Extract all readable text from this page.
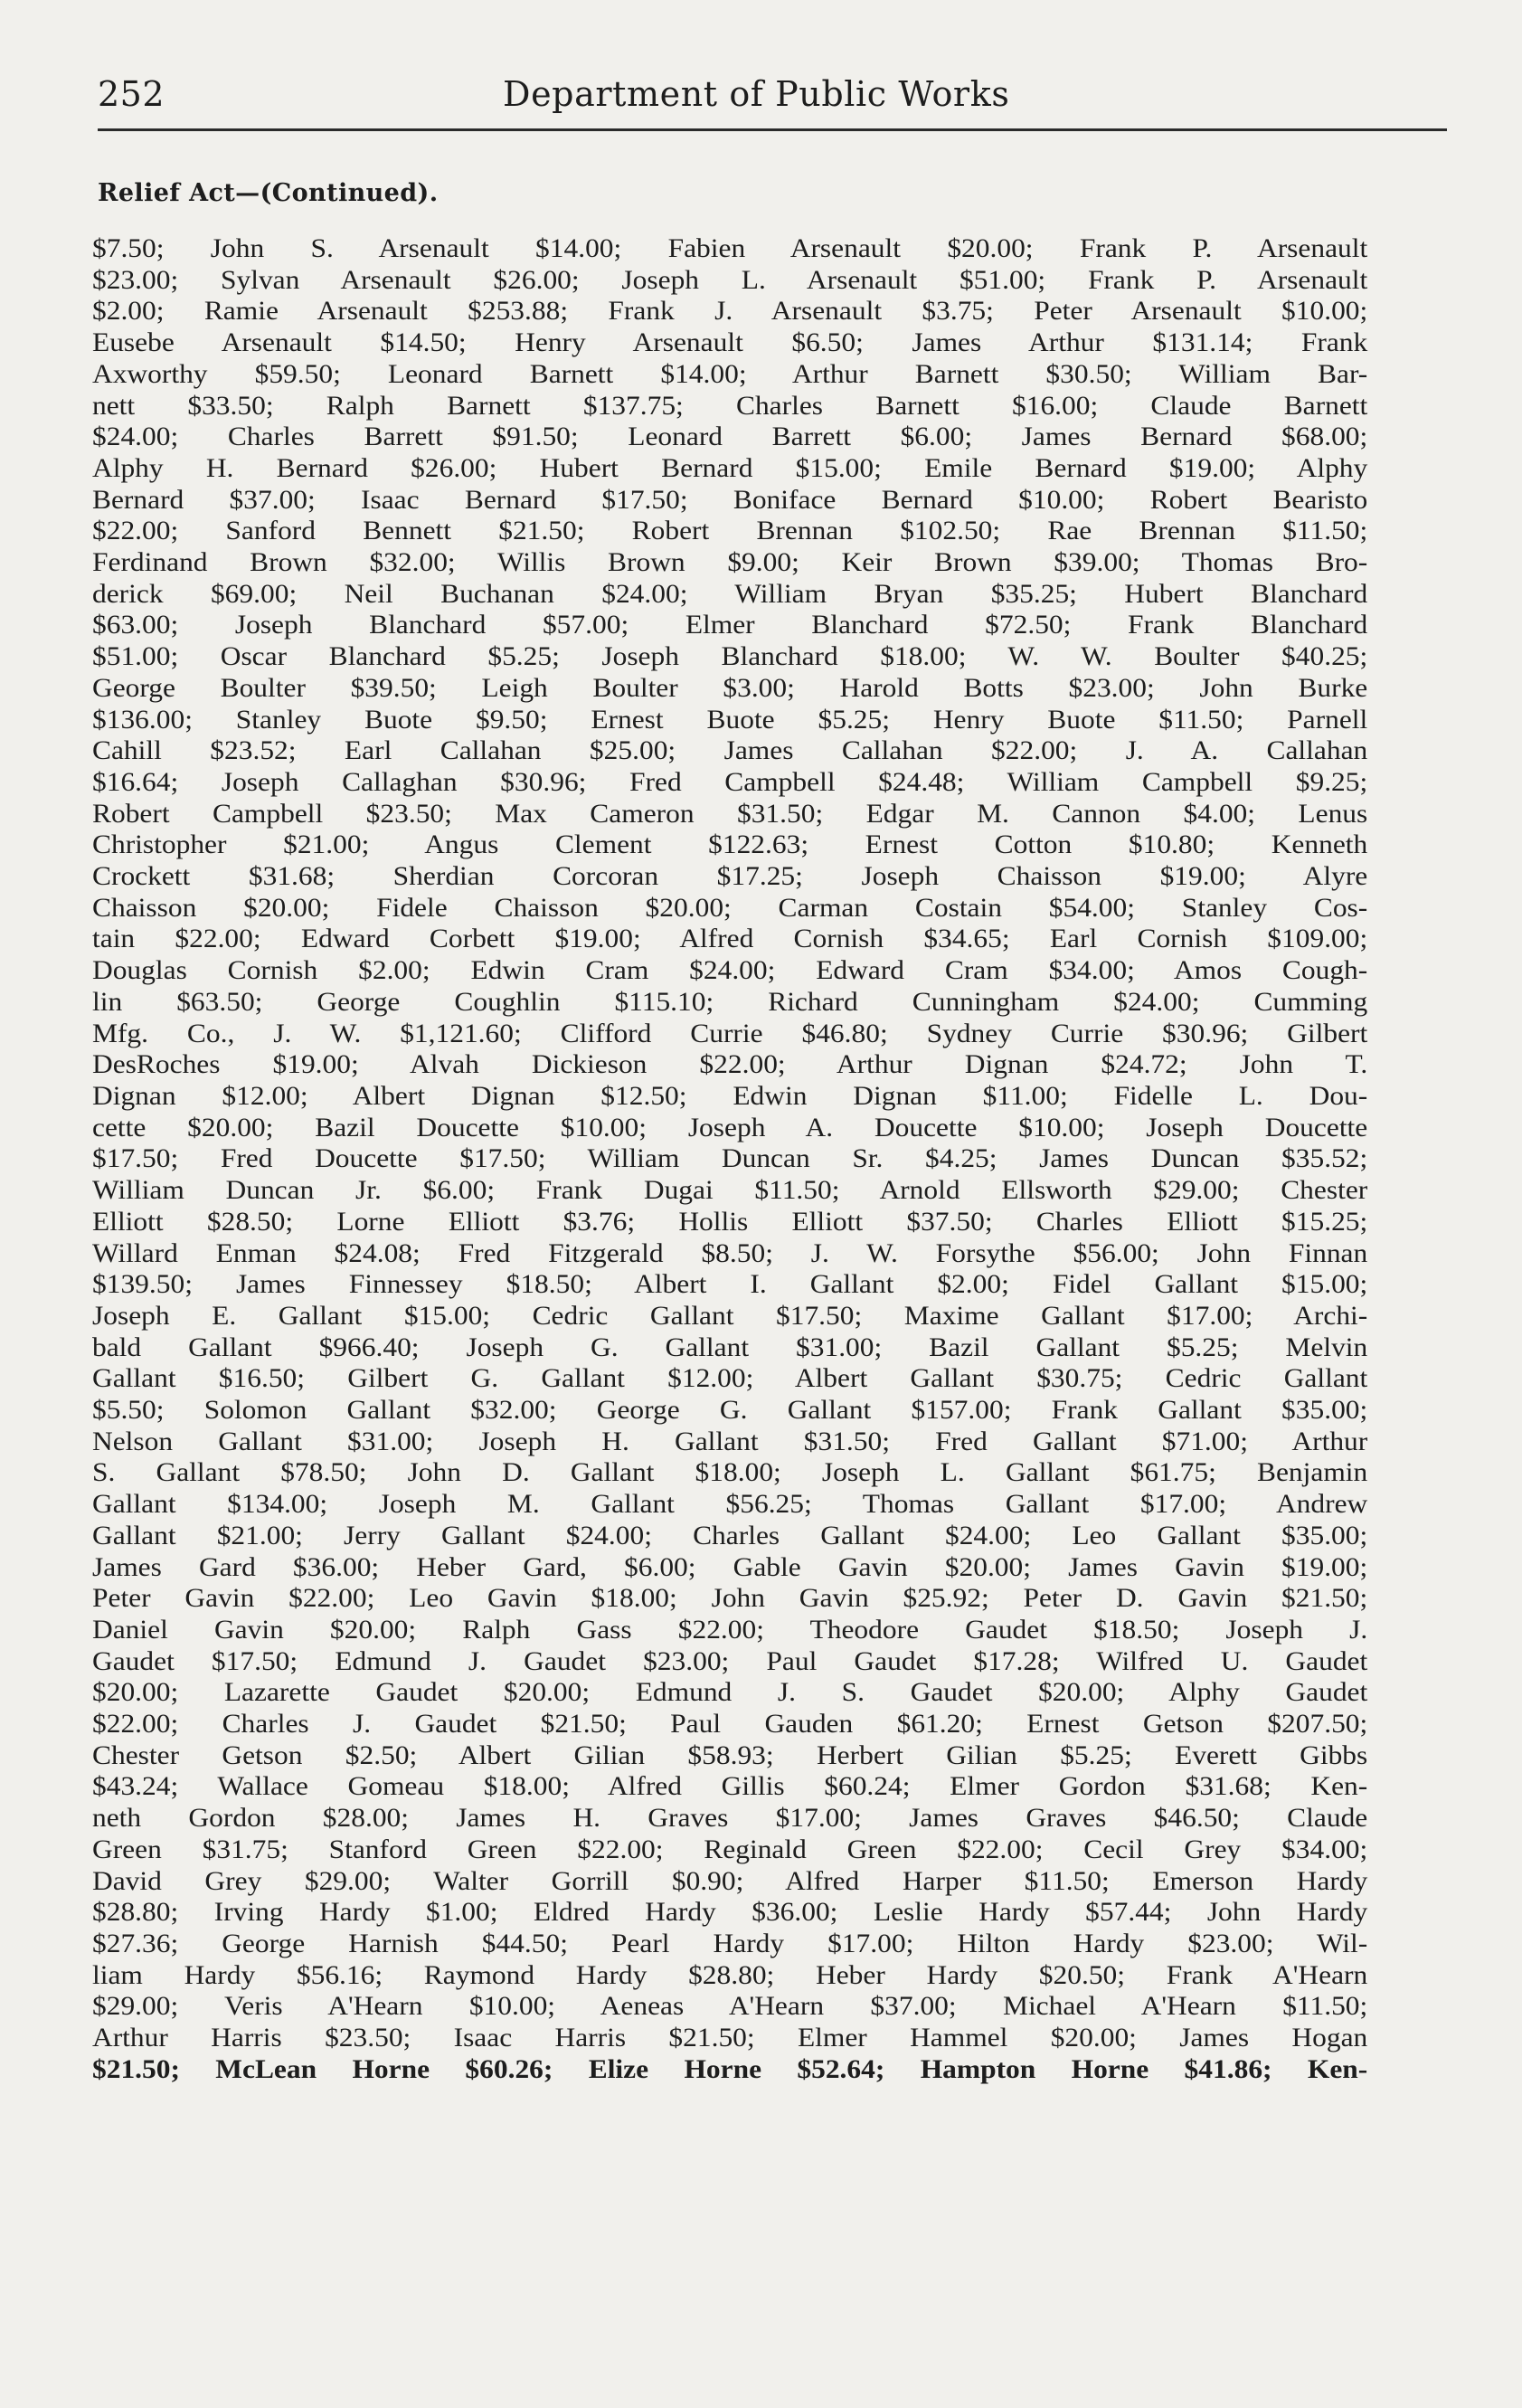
252	Department of Public Works
Relief Act—(Continued).
$7.50; John S. Arsenault $14.00; Fabien Arsenault $20.00; Frank P. Arsenault
$23.00; Sylvan Arsenault $26.00; Joseph L. Arsenault $51.00; Frank P. Arsenault
$2.00; Ramie Arsenault $253.88; Frank J. Arsenault $3.75; Peter Arsenault $10.00;
Eusebe Arsenault $14.50; Henry Arsenault $6.50; James Arthur $131.14; Frank
Axworthy $59.50; Leonard Barnett $14.00; Arthur Barnett $30.50; William Bar-
nett $33.50; Ralph Barnett $137.75; Charles Barnett $16.00; Claude Barnett
$24.00; Charles Barrett $91.50; Leonard Barrett $6.00; James Bernard $68.00;
Alphy H. Bernard $26.00; Hubert Bernard $15.00; Emile Bernard $19.00; Alphy
Bernard $37.00; Isaac Bernard $17.50; Boniface Bernard $10.00; Robert Bearisto
$22.00; Sanford Bennett $21.50; Robert Brennan $102.50; Rae Brennan $11.50;
Ferdinand Brown $32.00; Willis Brown $9.00; Keir Brown $39.00; Thomas Bro-
derick $69.00; Neil Buchanan $24.00; William Bryan $35.25; Hubert Blanchard
$63.00; Joseph Blanchard $57.00; Elmer Blanchard $72.50; Frank Blanchard
$51.00; Oscar Blanchard $5.25; Joseph Blanchard $18.00; W. W. Boulter $40.25;
George Boulter $39.50; Leigh Boulter $3.00; Harold Botts $23.00; John Burke
$136.00; Stanley Buote $9.50; Ernest Buote $5.25; Henry Buote $11.50; Parnell
Cahill $23.52; Earl Callahan $25.00; James Callahan $22.00; J. A. Callahan
$16.64; Joseph Callaghan $30.96; Fred Campbell $24.48; William Campbell $9.25;
Robert Campbell $23.50; Max Cameron $31.50; Edgar M. Cannon $4.00; Lenus
Christopher $21.00; Angus Clement $122.63; Ernest Cotton $10.80; Kenneth
Crockett $31.68; Sherdian Corcoran $17.25; Joseph Chaisson $19.00; Alyre
Chaisson $20.00; Fidele Chaisson $20.00; Carman Costain $54.00; Stanley Cos-
tain $22.00; Edward Corbett $19.00; Alfred Cornish $34.65; Earl Cornish $109.00;
Douglas Cornish $2.00; Edwin Cram $24.00; Edward Cram $34.00; Amos Cough-
lin $63.50; George Coughlin $115.10; Richard Cunningham $24.00; Cumming
Mfg. Co., J. W. $1,121.60; Clifford Currie $46.80; Sydney Currie $30.96; Gilbert
DesRoches $19.00; Alvah Dickieson $22.00; Arthur Dignan $24.72; John T.
Dignan $12.00; Albert Dignan $12.50; Edwin Dignan $11.00; Fidelle L. Dou-
cette $20.00; Bazil Doucette $10.00; Joseph A. Doucette $10.00; Joseph Doucette
$17.50; Fred Doucette $17.50; William Duncan Sr. $4.25; James Duncan $35.52;
William Duncan Jr. $6.00; Frank Dugai $11.50; Arnold Ellsworth $29.00; Chester
Elliott $28.50; Lorne Elliott $3.76; Hollis Elliott $37.50; Charles Elliott $15.25;
Willard Enman $24.08; Fred Fitzgerald $8.50; J. W. Forsythe $56.00; John Finnan
$139.50; James Finnessey $18.50; Albert I. Gallant $2.00; Fidel Gallant $15.00;
Joseph E. Gallant $15.00; Cedric Gallant $17.50; Maxime Gallant $17.00; Archi-
bald Gallant $966.40; Joseph G. Gallant $31.00; Bazil Gallant $5.25; Melvin
Gallant $16.50; Gilbert G. Gallant $12.00; Albert Gallant $30.75; Cedric Gallant
$5.50; Solomon Gallant $32.00; George G. Gallant $157.00; Frank Gallant $35.00;
Nelson Gallant $31.00; Joseph H. Gallant $31.50; Fred Gallant $71.00; Arthur
S. Gallant $78.50; John D. Gallant $18.00; Joseph L. Gallant $61.75; Benjamin
Gallant $134.00; Joseph M. Gallant $56.25; Thomas Gallant $17.00; Andrew
Gallant $21.00; Jerry Gallant $24.00; Charles Gallant $24.00; Leo Gallant $35.00;
James Gard $36.00; Heber Gard, $6.00; Gable Gavin $20.00; James Gavin $19.00;
Peter Gavin $22.00; Leo Gavin $18.00; John Gavin $25.92; Peter D. Gavin $21.50;
Daniel Gavin $20.00; Ralph Gass $22.00; Theodore Gaudet $18.50; Joseph J.
Gaudet $17.50; Edmund J. Gaudet $23.00; Paul Gaudet $17.28; Wilfred U. Gaudet
$20.00; Lazarette Gaudet $20.00; Edmund J. S. Gaudet $20.00; Alphy Gaudet
$22.00; Charles J. Gaudet $21.50; Paul Gauden $61.20; Ernest Getson $207.50;
Chester Getson $2.50; Albert Gilian $58.93; Herbert Gilian $5.25; Everett Gibbs
$43.24; Wallace Gomeau $18.00; Alfred Gillis $60.24; Elmer Gordon $31.68; Ken-
neth Gordon $28.00; James H. Graves $17.00; James Graves $46.50; Claude
Green $31.75; Stanford Green $22.00; Reginald Green $22.00; Cecil Grey $34.00;
David Grey $29.00; Walter Gorrill $0.90; Alfred Harper $11.50; Emerson Hardy
$28.80; Irving Hardy $1.00; Eldred Hardy $36.00; Leslie Hardy $57.44; John Hardy
$27.36; George Harnish $44.50; Pearl Hardy $17.00; Hilton Hardy $23.00; Wil-
liam Hardy $56.16; Raymond Hardy $28.80; Heber Hardy $20.50; Frank A'Hearn
$29.00; Veris A'Hearn $10.00; Aeneas A'Hearn $37.00; Michael A'Hearn $11.50;
Arthur Harris $23.50; Isaac Harris $21.50; Elmer Hammel $20.00; James Hogan
$21.50; McLean Horne $60.26; Elize Horne $52.64; Hampton Horne $41.86; Ken-
